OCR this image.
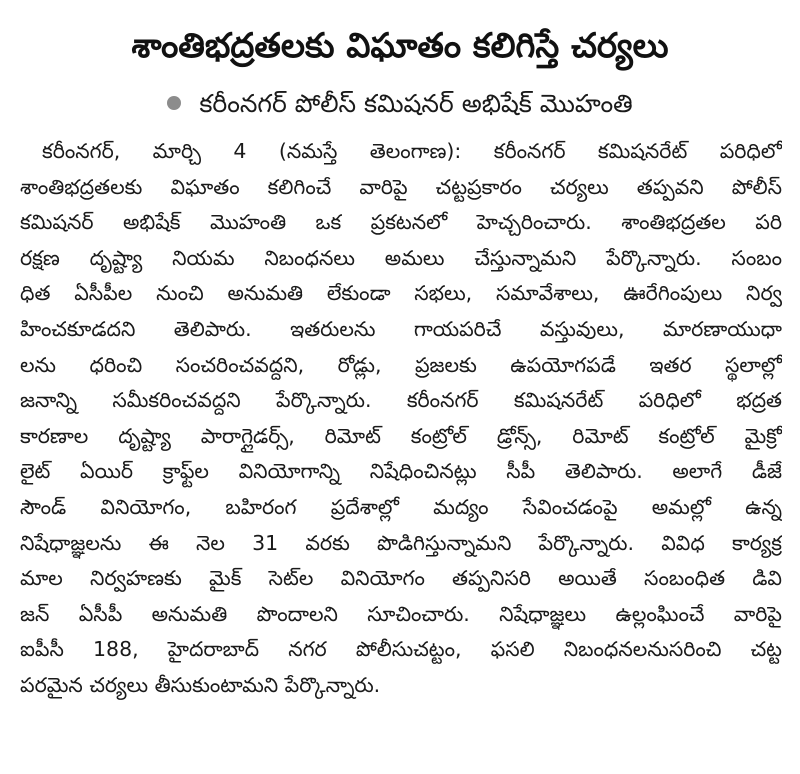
శాంతిభద్రతలకు విఘాతం కలిగిస్తే చర్యలు
కరీంనగర్ పోలీస్ కమిషనర్ అభిషేక్ మొహంతి
కరీంనగర్, మార్చి 4 (నమస్తే తెలంగాణ): కరీంనగర్ కమిషనరేట్ పరిధిలో
శాంతిభద్రతలకు విఘాతం కలిగించే వారిపై చట్టప్రకారం చర్యలు తప్పవని పోలీస్
కమిషనర్ అభిషేక్ మొహంతి ఒక ప్రకటనలో హెచ్చరించారు. శాంతిభద్రతల పరి
రక్షణ దృష్ట్యా నియమ నిబంధనలు అమలు చేస్తున్నామని పేర్కొన్నారు. సంబం
ధిత ఏసీపీల నుంచి అనుమతి లేకుండా సభలు, సమావేశాలు, ఊరేగింపులు నిర్వ
హించకూడదని తెలిపారు. ఇతరులను గాయపరిచే వస్తువులు, మారణాయుధా
లను ధరించి సంచరించవద్దని, రోడ్లు, ప్రజలకు ఉపయోగపడే ఇతర స్థలాల్లో
జనాన్ని సమీకరించవద్దని పేర్కొన్నారు. కరీంనగర్ కమిషనరేట్ పరిధిలో భద్రత
కారణాల దృష్ట్యా పారాగ్లైడర్స్, రిమోట్ కంట్రోల్ డ్రోన్స్, రిమోట్ కంట్రోల్ మైక్రో
లైట్ ఏయిర్ క్రాఫ్ట్‌ల వినియోగాన్ని నిషేధించినట్లు సీపీ తెలిపారు. అలాగే డీజే
సౌండ్ వినియోగం, బహిరంగ ప్రదేశాల్లో మద్యం సేవించడంపై అమల్లో ఉన్న
నిషేధాజ్ఞలను ఈ నెల 31 వరకు పొడిగిస్తున్నామని పేర్కొన్నారు. వివిధ కార్యక్ర
మాల నిర్వహణకు మైక్ సెట్‌ల వినియోగం తప్పనిసరి అయితే సంబంధిత డివి
జన్ ఏసీపీ అనుమతి పొందాలని సూచించారు. నిషేధాజ్ఞలు ఉల్లంఘించే వారిపై
ఐపీసీ 188, హైదరాబాద్ నగర పోలీసుచట్టం, ఫసలి నిబంధనలనుసరించి చట్ట
పరమైన చర్యలు తీసుకుంటామని పేర్కొన్నారు.
